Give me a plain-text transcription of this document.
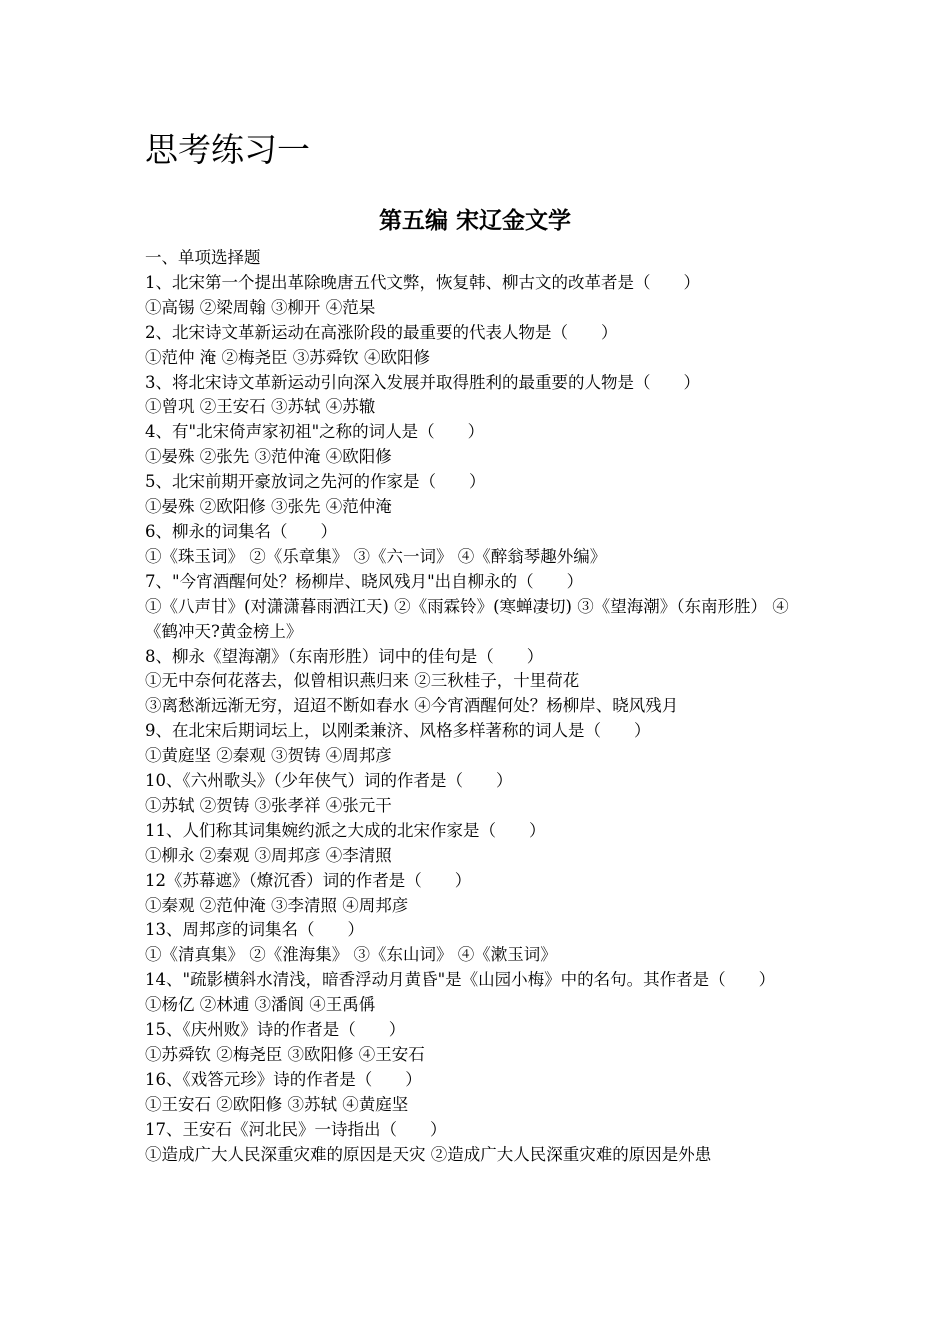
思考练习一
第五编 宋辽金文学
一、单项选择题
1、北宋第一个提出革除晚唐五代文弊，恢复韩、柳古文的改革者是（　　）
①高锡 ②梁周翰 ③柳开 ④范杲
2、北宋诗文革新运动在高涨阶段的最重要的代表人物是（　　）
①范仲 淹 ②梅尧臣 ③苏舜钦 ④欧阳修
3、将北宋诗文革新运动引向深入发展并取得胜利的最重要的人物是（　　）
①曾巩 ②王安石 ③苏轼 ④苏辙
4、有"北宋倚声家初祖"之称的词人是（　　）
①晏殊 ②张先 ③范仲淹 ④欧阳修
5、北宋前期开豪放词之先河的作家是（　　）
①晏殊 ②欧阳修 ③张先 ④范仲淹
6、柳永的词集名（　　）
①《珠玉词》 ②《乐章集》 ③《六一词》 ④《醉翁琴趣外编》
7、"今宵酒醒何处？杨柳岸、晓风残月"出自柳永的（　　）
①《八声甘》(对潇潇暮雨洒江天) ②《雨霖铃》(寒蝉凄切) ③《望海潮》（东南形胜） ④《鹤冲天?黄金榜上》
8、柳永《望海潮》（东南形胜）词中的佳句是（　　）
①无中奈何花落去，似曾相识燕归来 ②三秋桂子，十里荷花
③离愁渐远渐无穷，迢迢不断如春水 ④今宵酒醒何处？杨柳岸、晓风残月
9、在北宋后期词坛上，以刚柔兼济、风格多样著称的词人是（　　）
①黄庭坚 ②秦观 ③贺铸 ④周邦彦
10、《六州歌头》（少年侠气）词的作者是（　　）
①苏轼 ②贺铸 ③张孝祥 ④张元干
11、人们称其词集婉约派之大成的北宋作家是（　　）
①柳永 ②秦观 ③周邦彦 ④李清照
12《苏幕遮》（燎沉香）词的作者是（　　）
①秦观 ②范仲淹 ③李清照 ④周邦彦
13、周邦彦的词集名（　　）
①《清真集》 ②《淮海集》 ③《东山词》 ④《漱玉词》
14、"疏影横斜水清浅，暗香浮动月黄昏"是《山园小梅》中的名句。其作者是（　　）
①杨亿 ②林逋 ③潘阆 ④王禹偁
15、《庆州败》诗的作者是（　　）
①苏舜钦 ②梅尧臣 ③欧阳修 ④王安石
16、《戏答元珍》诗的作者是（　　）
①王安石 ②欧阳修 ③苏轼 ④黄庭坚
17、王安石《河北民》一诗指出（　　）
①造成广大人民深重灾难的原因是天灾 ②造成广大人民深重灾难的原因是外患
